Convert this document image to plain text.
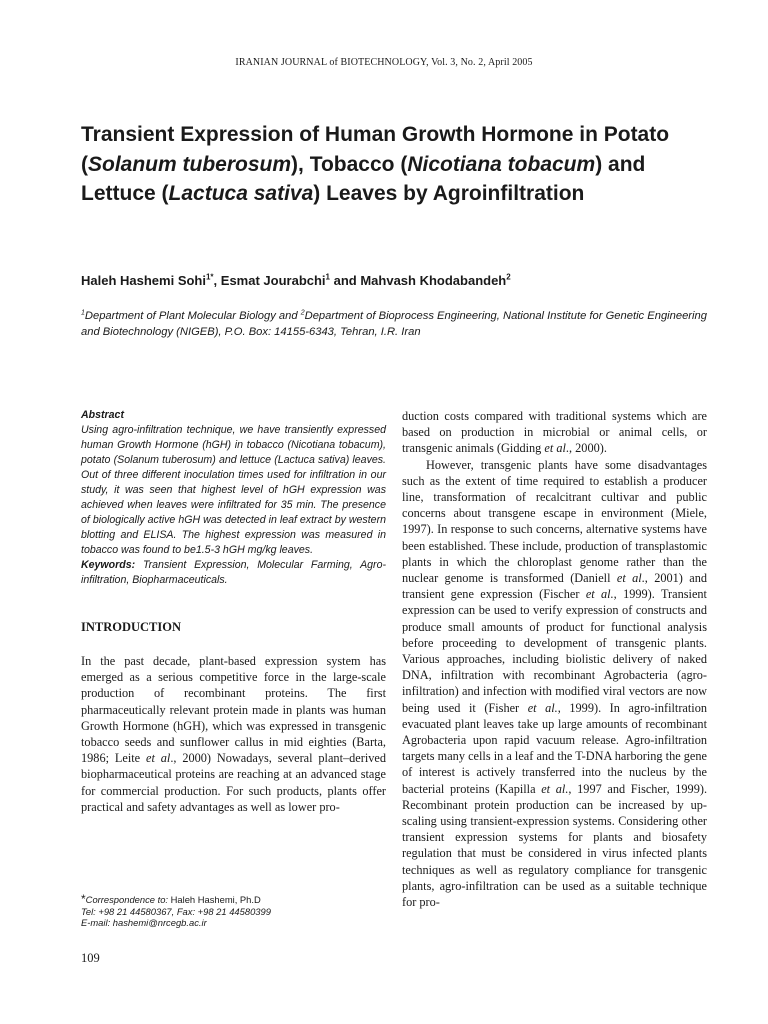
IRANIAN JOURNAL of BIOTECHNOLOGY, Vol. 3, No. 2, April 2005
Transient Expression of Human Growth Hormone in Potato (Solanum tuberosum), Tobacco (Nicotiana tobacum) and Lettuce (Lactuca sativa) Leaves by Agroinfiltration
Haleh Hashemi Sohi$^{1*}$, Esmat Jourabchi$^1$ and Mahvash Khodabandeh$^2$
$^1$Department of Plant Molecular Biology and $^2$Department of Bioprocess Engineering, National Institute for Genetic Engineering and Biotechnology (NIGEB), P.O. Box: 14155-6343, Tehran, I.R. Iran
Abstract
Using agro-infiltration technique, we have transiently expressed human Growth Hormone (hGH) in tobacco (Nicotiana tobacum), potato (Solanum tuberosum) and lettuce (Lactuca sativa) leaves. Out of three different inoculation times used for infiltration in our study, it was seen that highest level of hGH expression was achieved when leaves were infiltrated for 35 min. The presence of biologically active hGH was detected in leaf extract by western blotting and ELISA. The highest expression was measured in tobacco was found to be1.5-3 hGH mg/kg leaves.
Keywords: Transient Expression, Molecular Farming, Agro-infiltration, Biopharmaceuticals.
INTRODUCTION

In the past decade, plant-based expression system has emerged as a serious competitive force in the large-scale production of recombinant proteins. The first pharmaceutically relevant protein made in plants was human Growth Hormone (hGH), which was expressed in transgenic tobacco seeds and sunflower callus in mid eighties (Barta, 1986; Leite et al., 2000) Nowadays, several plant–derived biopharmaceutical proteins are reaching at an advanced stage for commercial production. For such products, plants offer practical and safety advantages as well as lower pro-

duction costs compared with traditional systems which are based on production in microbial or animal cells, or transgenic animals (Gidding et al., 2000).

However, transgenic plants have some disadvantages such as the extent of time required to establish a producer line, transformation of recalcitrant cultivar and public concerns about transgene escape in environment (Miele, 1997). In response to such concerns, alternative systems have been established. These include, production of transplastomic plants in which the chloroplast genome rather than the nuclear genome is transformed (Daniell et al., 2001) and transient gene expression (Fischer et al., 1999). Transient expression can be used to verify expression of constructs and produce small amounts of product for functional analysis before proceeding to development of transgenic plants. Various approaches, including biolistic delivery of naked DNA, infiltration with recombinant Agrobacteria (agro-infiltration) and infection with modified viral vectors are now being used it (Fisher et al., 1999). In agro-infiltration evacuated plant leaves take up large amounts of recombinant Agrobacteria upon rapid vacuum release. Agro-infiltration targets many cells in a leaf and the T-DNA harboring the gene of interest is actively transferred into the nucleus by the bacterial proteins (Kapilla et al., 1997 and Fischer, 1999). Recombinant protein production can be increased by up-scaling using transient-expression systems. Considering other transient expression systems for plants and biosafety regulation that must be considered in virus infected plants techniques as well as regulatory compliance for transgenic plants, agro-infiltration can be used as a suitable technique for pro-

*Correspondence to: Haleh Hashemi, Ph.D
Tel: +98 21 44580367, Fax: +98 21 44580399
E-mail: hashemi@nrcegb.ac.ir
109
